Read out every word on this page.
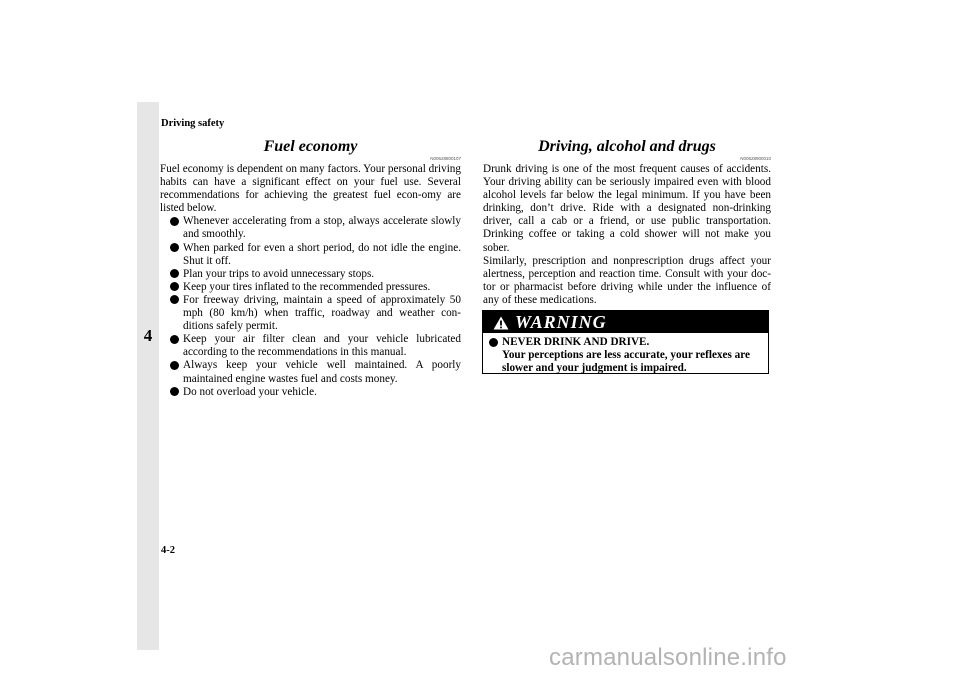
4
Driving safety
Fuel economy
N00628800107

Fuel economy is dependent on many factors. Your personal driving habits can have a significant effect on your fuel use. Several recommendations for achieving the greatest fuel econ-omy are listed below.

Whenever accelerating from a stop, always accelerate slowly and smoothly.
When parked for even a short period, do not idle the engine. Shut it off.
Plan your trips to avoid unnecessary stops.
Keep your tires inflated to the recommended pressures.
For freeway driving, maintain a speed of approximately 50 mph (80 km/h) when traffic, roadway and weather con-ditions safely permit.
Keep your air filter clean and your vehicle lubricated according to the recommendations in this manual.
Always keep your vehicle well maintained. A poorly maintained engine wastes fuel and costs money.
Do not overload your vehicle.
Driving, alcohol and drugs
N00628900010

Drunk driving is one of the most frequent causes of accidents. Your driving ability can be seriously impaired even with blood alcohol levels far below the legal minimum. If you have been drinking, don’t drive. Ride with a designated non-drinking driver, call a cab or a friend, or use public transportation. Drinking coffee or taking a cold shower will not make you sober.

Similarly, prescription and nonprescription drugs affect your alertness, perception and reaction time. Consult with your doc-tor or pharmacist before driving while under the influence of any of these medications.

WARNING
NEVER DRINK AND DRIVE.
Your perceptions are less accurate, your reflexes are slower and your judgment is impaired.
4-2
carmanualsonline.info
